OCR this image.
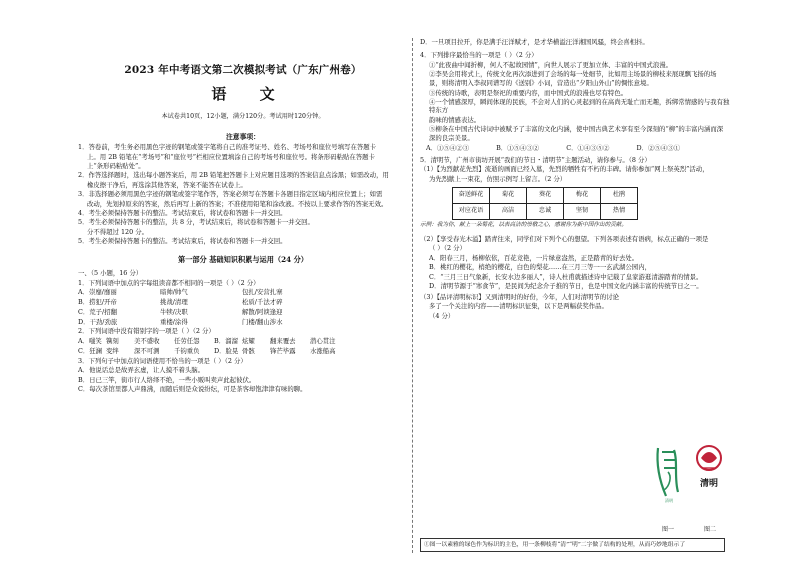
2023 年中考语文第二次模拟考试（广东广州卷）
语 文
本试卷共10页，12小题，满分120分。考试用时120分钟。
注意事项：

1．答卷前，考生务必用黑色字迹的钢笔或签字笔将自己的准考证号、姓名、考场号和座位号填写在答题卡

上。用 2B 铅笔在“考场号”和“座位号”栏相应位置填涂自己的考场号和座位号。将条形码粘贴在答题卡

上“条形码粘贴处”。

2．作答选择题时，选出每小题答案后，用 2B 铅笔把答题卡上对应题目选项的答案信息点涂黑；如需改动，用

橡皮擦干净后，再选涂其他答案，答案不能答在试卷上。

3．非选择题必须用黑色字迹的钢笔或签字笔作答，答案必须写在答题卡各题目指定区域内相应位置上；如需

改动，先划掉原来的答案，然后再写上新的答案；不准使用铅笔和涂改液。不按以上要求作答的答案无效。

4．考生必须保持答题卡的整洁。考试结束后，将试卷和答题卡一并交回。

5．考生必须保持答题卡的整洁，共 8 分，考试结束后，将试卷和答题卡一并交回。

分不得超过 120 分。

5．考生必须保持答题卡的整洁。考试结束后，将试卷和答题卡一并交回。

第一部分 基础知识积累与运用（24 分）

一、（5 小题，16 分）

1．下列词语中加点的字每组读音都不相同的一项是（ ）（2 分）

A．崇靡/靡丽	暗帅/帅气	包扎/安营扎寨
B．捞犯/开帝	挑战/清理	松质/千法才碎
C．荒子/招翻	牛犊/决职	解散/阿谀逢迎
D．干劲/劲旅	重楼/涂得	门楼/翻山涉水

2．下列词语中没有错别字的一项是（ ）（2 分）

A．嗤笑 镌刻	美不盛收	任劳任怨	B．溜溜 炫耀	翻来覆去	潜心贯注
C．狂澜 变绊	深不可测	千钧重负	D．脸晃 骨骸	锋芒毕露	水涨船高

3．下列句子中加点的词语使用不恰当的一项是（ ）（2 分）

A．他说话总是故弄玄虚，让人摸不着头脑。

B．日已三竿，街市行人络绎不绝，一些小贩叫卖声此起彼伏。

C．每次茶馆里都人声鼎沸，而随后则是众说纷纭，可是茶客却饱津津有味的聊。

D．一旦项目拉开，你是满手汪洋赋才，是才华横溢汪洋湘国风骚，终会喜相抖。

4．下列排序最恰当的一项是（ ）（2 分）

①“此夜曲中闻折柳，何人不起故园情”，向世人展示了更加立体、丰富的中国式浪漫。

②李吴会用将式上，传统文化再次添进到了会场的每一处细节，比如用主场景的柳枝来展现飘飞扬的场

景，则将清明入李叔同谱写的《送别》小词，营造出“夕阳山外山”的惆怅意境。

③传统的诗歌，表明是祭祀的重要内容，而中国式的浪漫也尽有特色。

④一个情感深厚，瞬间体现的民族，不会对人们的心灵起到的在高尚无耻亡而无趣，拆绑常情感的与我有独特东方

韵味的情感表达。

⑤柳条在中国古代诗词中被赋予了丰富的文化内涵，使中国古典艺术享有至今深刻的“柳”的丰富内涵而深

深的良宗美景。

A．①⑤④②③	B．①⑤④③②	C．①④③⑤②	D．②⑤④③①

5．清明节，广州市街坊开展“我们的节日・清明节”主题活动，请你参与。（8 分）

（1）【为烈献花先烈】流逝的画面已经入墓，先烈的牺牲有不朽的丰碑。请你参加“网上祭英烈”活动，

为先烈献上一束花，仿照示例写上留言。（2 分）

奋送鲜花	菊花	葵花	梅花	杜鹃
对应花语	高洁	忠诚	坚韧	热情

示例：我为你，献上一朵菊花，以表高洁的崇敬之心，感谢你为新中国作出的贡献。

（2）【享受春光木溢】踏青往来，同学们对下列个心的想望。下列各项表述有语病，标点正确的一项是

（ ）（2 分）

A．阳春三月，杨柳依依，百花竞艳，一片绿意盎然，正是踏青的好去处。

B．桃红的樱花，梢绝的樱花，白色的梨花……在三月三等一一玄武湖公园内，

C．“三月三日气象新，长安水边多丽人”，诗人杜甫就描述诗中记载了皇家游逛清游踏青的情景。

D．清明节源于“寒食节”，是民间为纪念介子推的节日，也是中国文化内涵丰富的传统节日之一。

（3）【品评清明标识】又到清明时的好份，今年，人们对清明节的讨论

多了一个关注的内容——清明标识征集，以下是两幅获奖作品。

（4 分）

清明
清明
图一	图二
①图一以素雅的绿色作为标识的主色，用一条柳枝将“清”“明”二字做了结构的处理，从而巧妙地组示了
